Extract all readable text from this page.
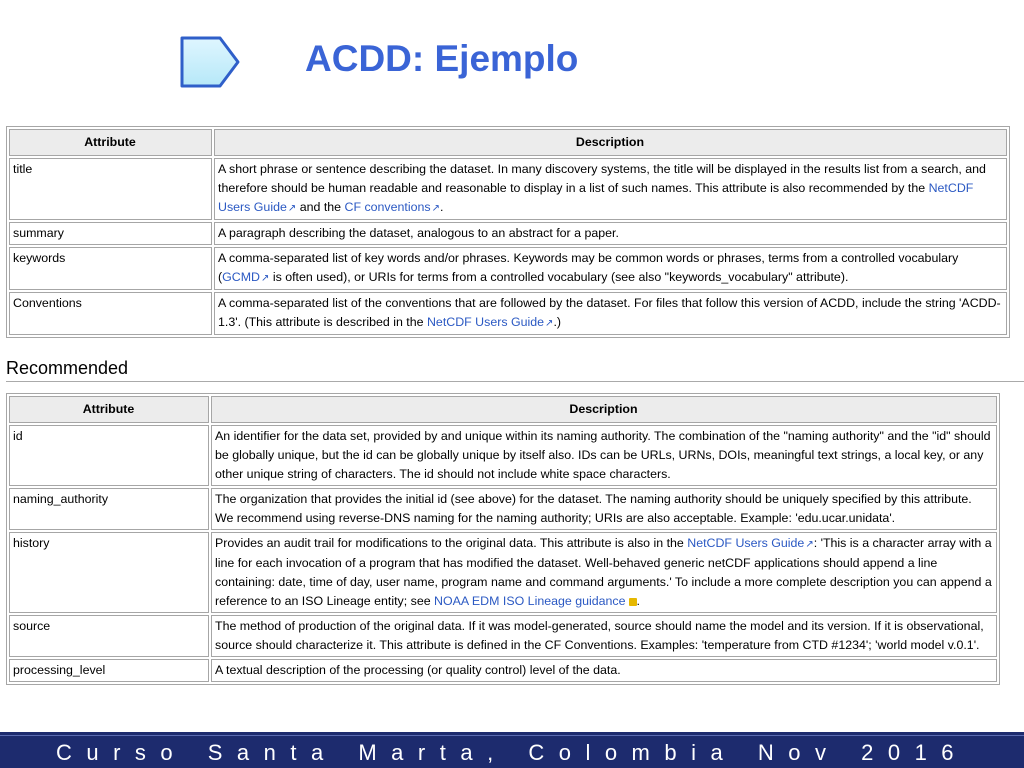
ACDD: Ejemplo
Attribute	Description
title	A short phrase or sentence describing the dataset. In many discovery systems, the title will be displayed in the results list from a search, and therefore should be human readable and reasonable to display in a list of such names. This attribute is also recommended by the NetCDF Users Guide↗ and the CF conventions↗.
summary	A paragraph describing the dataset, analogous to an abstract for a paper.
keywords	A comma-separated list of key words and/or phrases. Keywords may be common words or phrases, terms from a controlled vocabulary (GCMD↗ is often used), or URIs for terms from a controlled vocabulary (see also "keywords_vocabulary" attribute).
Conventions	A comma-separated list of the conventions that are followed by the dataset. For files that follow this version of ACDD, include the string 'ACDD-1.3'. (This attribute is described in the NetCDF Users Guide↗.)
Recommended
Attribute	Description
id	An identifier for the data set, provided by and unique within its naming authority. The combination of the "naming authority" and the "id" should be globally unique, but the id can be globally unique by itself also. IDs can be URLs, URNs, DOIs, meaningful text strings, a local key, or any other unique string of characters. The id should not include white space characters.
naming_authority	The organization that provides the initial id (see above) for the dataset. The naming authority should be uniquely specified by this attribute. We recommend using reverse-DNS naming for the naming authority; URIs are also acceptable. Example: 'edu.ucar.unidata'.
history	Provides an audit trail for modifications to the original data. This attribute is also in the NetCDF Users Guide↗: 'This is a character array with a line for each invocation of a program that has modified the dataset. Well-behaved generic netCDF applications should append a line containing: date, time of day, user name, program name and command arguments.' To include a more complete description you can append a reference to an ISO Lineage entity; see NOAA EDM ISO Lineage guidance .
source	The method of production of the original data. If it was model-generated, source should name the model and its version. If it is observational, source should characterize it. This attribute is defined in the CF Conventions. Examples: 'temperature from CTD #1234'; 'world model v.0.1'.
processing_level	A textual description of the processing (or quality control) level of the data.
Curso Santa Marta, Colombia Nov 2016
